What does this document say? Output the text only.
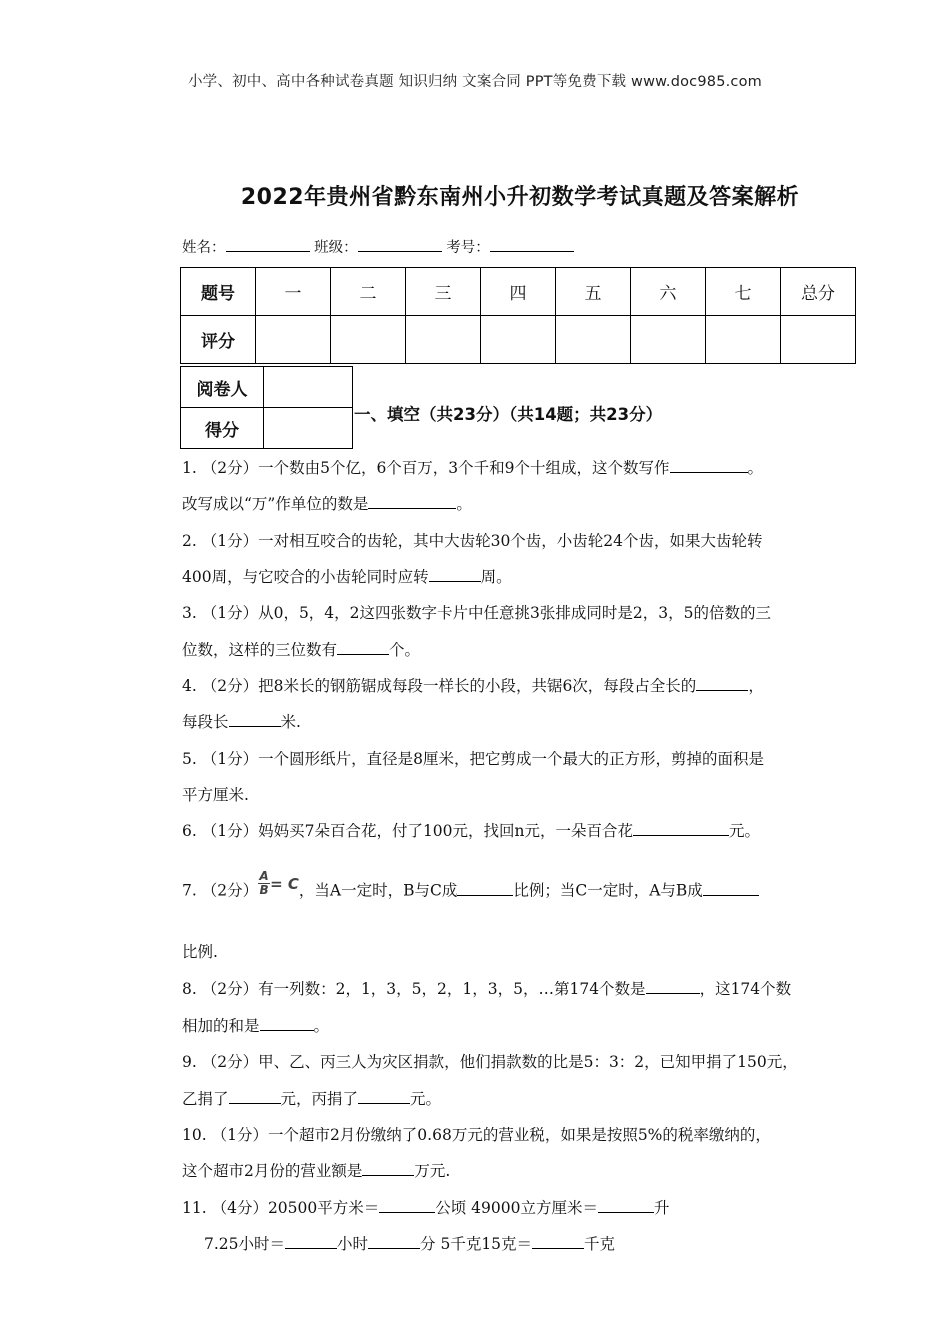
小学、初中、高中各种试卷真题 知识归纳 文案合同 PPT等免费下载 www.doc985.com
2022年贵州省黔东南州小升初数学考试真题及答案解析
姓名：	班级：	考号：
题号	一	二	三	四	五	六	七	总分
评分								
阅卷人	
得分	
一、填空（共23分）（共14题；共23分）
1. （2分）一个数由5个亿，6个百万，3个千和9个十组成，这个数写作	。
改写成以“万”作单位的数是	。
2. （1分）一对相互咬合的齿轮，其中大齿轮30个齿，小齿轮24个齿，如果大齿轮转
400周，与它咬合的小齿轮同时应转	周。
3. （1分）从0，5，4，2这四张数字卡片中任意挑3张排成同时是2，3，5的倍数的三
位数，这样的三位数有	个。
4. （2分）把8米长的钢筋锯成每段一样长的小段，共锯6次，每段占全长的	，
每段长	米.
5. （1分）一个圆形纸片，直径是8厘米，把它剪成一个最大的正方形，剪掉的面积是
平方厘米.
6. （1分）妈妈买7朵百合花，付了100元，找回n元，一朵百合花	元。
7. （2分） $\frac{A}{B} = C$，当A一定时，B与C成	比例；当C一定时，A与B成
比例.
8. （2分）有一列数：2，1，3，5，2，1，3，5，…第174个数是	，这174个数
相加的和是	。
9. （2分）甲、乙、丙三人为灾区捐款，他们捐款数的比是5：3：2，已知甲捐了150元，
乙捐了	元，丙捐了	元。
10. （1分）一个超市2月份缴纳了0.68万元的营业税，如果是按照5%的税率缴纳的，
这个超市2月份的营业额是	万元.
11. （4分）20500平方米＝	公顷 49000立方厘米＝	升
7.25小时＝	小时	分 5千克15克＝	千克
